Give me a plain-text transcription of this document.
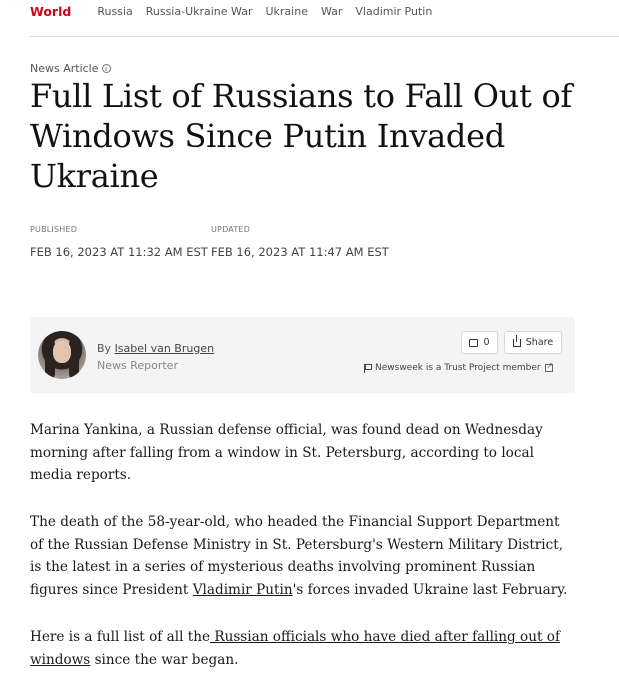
World Russia Russia-Ukraine War Ukraine War Vladimir Putin
News Article i
Full List of Russians to Fall Out of Windows Since Putin Invaded Ukraine
PUBLISHED
FEB 16, 2023 AT 11:32 AM EST
UPDATED
FEB 16, 2023 AT 11:47 AM EST
By Isabel van Brugen
News Reporter
0	Share
Newsweek is a Trust Project member
↗

Marina Yankina, a Russian defense official, was found dead on Wednesday morning after falling from a window in St. Petersburg, according to local media reports.

The death of the 58-year-old, who headed the Financial Support Department of the Russian Defense Ministry in St. Petersburg's Western Military District, is the latest in a series of mysterious deaths involving prominent Russian figures since President Vladimir Putin's forces invaded Ukraine last February.

Here is a full list of all the Russian officials who have died after falling out of windows since the war began.
